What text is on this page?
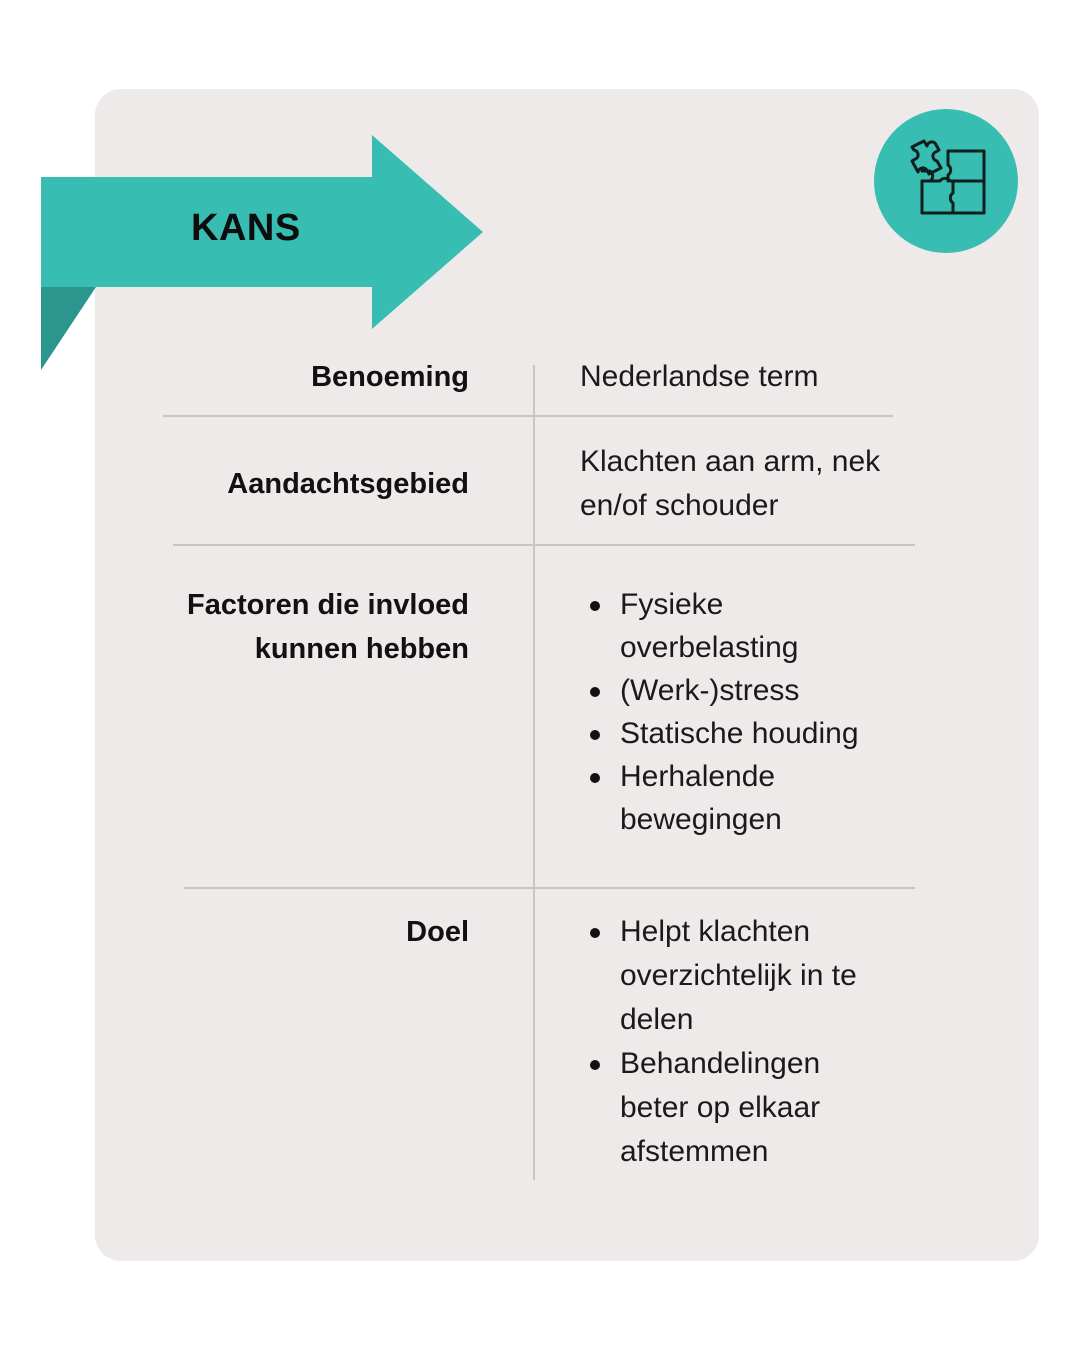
KANS
Benoeming	Nederlandse term
Aandachtsgebied
Klachten aan arm, nek
en/of schouder
Factoren die invloed
kunnen hebben
Fysieke
overbelasting
(Werk-)stress
Statische houding
Herhalende
bewegingen
Doel	Helpt klachten
overzichtelijk in te
delen
Behandelingen
beter op elkaar
afstemmen
